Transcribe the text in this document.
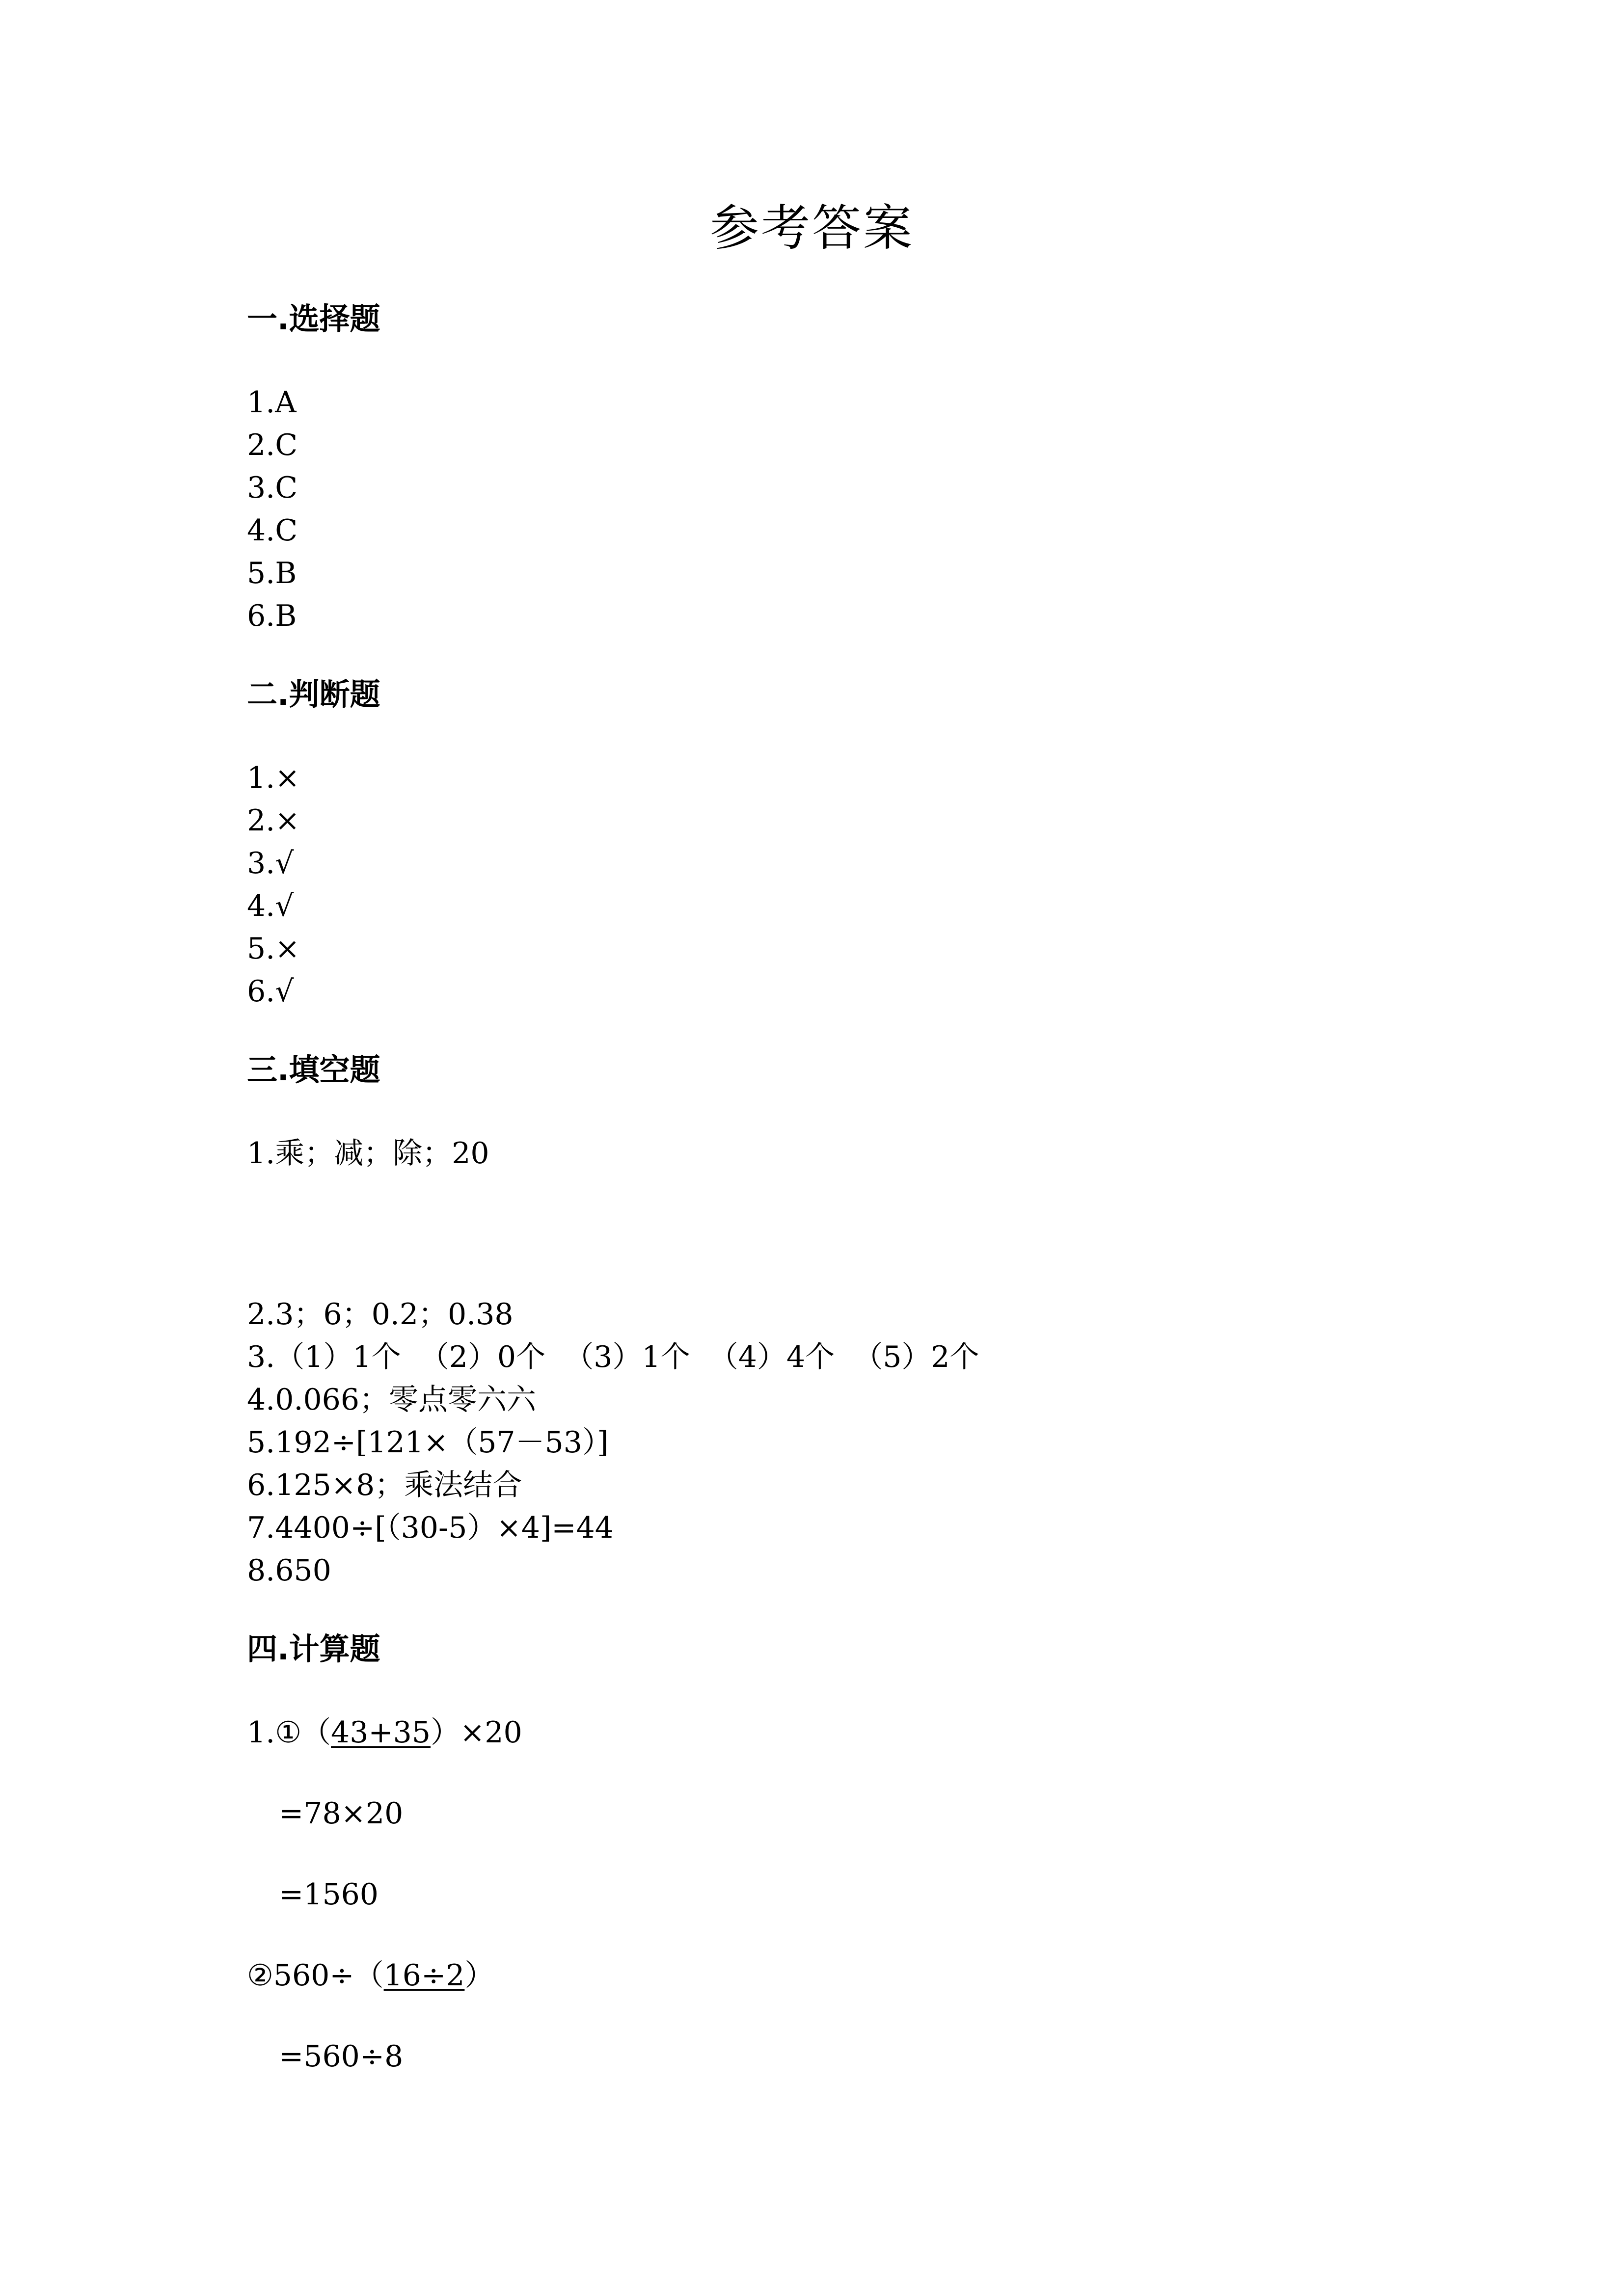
参考答案
一.选择题
1.A
2.C
3.C
4.C
5.B
6.B
二.判断题
1.×
2.×
3.√
4.√
5.×
6.√
三.填空题
1.乘；减；除；20
2.3；6；0.2；0.38
3.（1）1个  （2）0个  （3）1个  （4）4个  （5）2个
4.0.066；零点零六六
5.192÷[121×（57－53）]
6.125×8；乘法结合
7.4400÷[（30-5）×4]=44
8.650
四.计算题
1.①（43+35）×20
=78×20
=1560
②560÷（16÷2）
=560÷8
